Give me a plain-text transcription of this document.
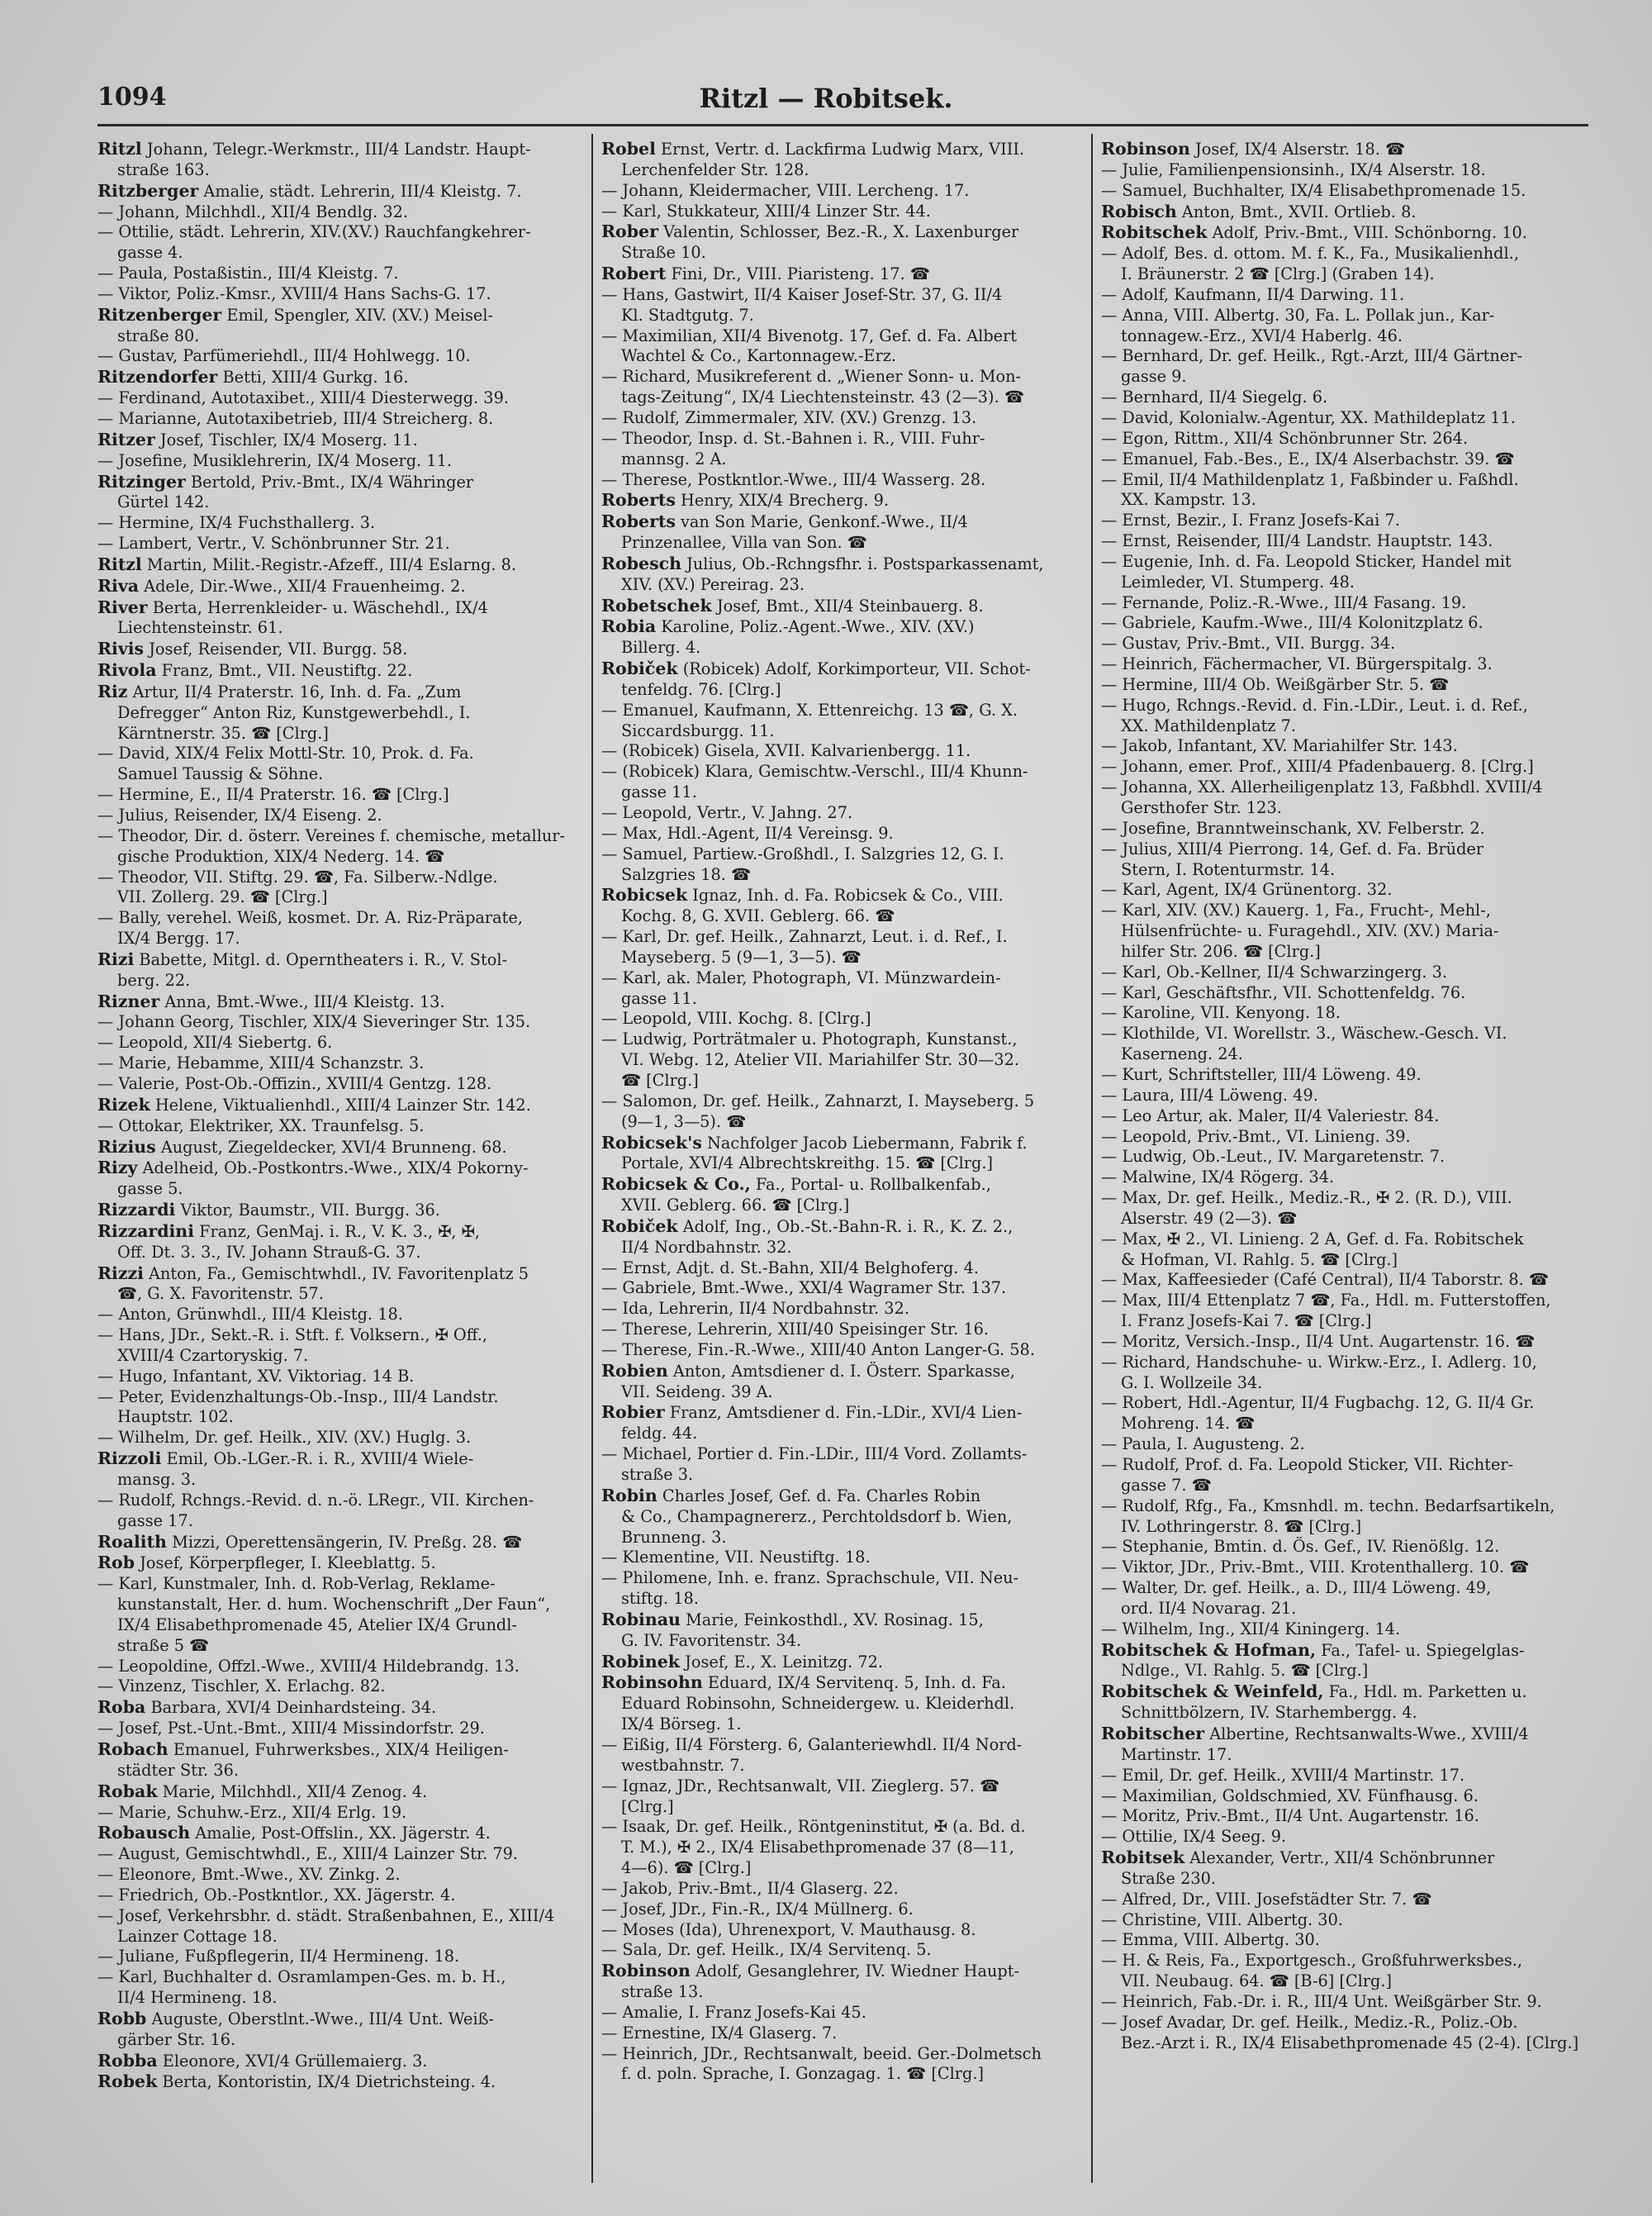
1094	Ritzl — Robitsek.
Ritzl Johann, Telegr.-Werkmstr., III/4 Landstr. Haupt-
straße 163.
Ritzberger Amalie, städt. Lehrerin, III/4 Kleistg. 7.
— Johann, Milchhdl., XII/4 Bendlg. 32.
— Ottilie, städt. Lehrerin, XIV.(XV.) Rauchfangkehrer-
gasse 4.
— Paula, Postaßistin., III/4 Kleistg. 7.
— Viktor, Poliz.-Kmsr., XVIII/4 Hans Sachs-G. 17.
Ritzenberger Emil, Spengler, XIV. (XV.) Meisel-
straße 80.
— Gustav, Parfümeriehdl., III/4 Hohlwegg. 10.
Ritzendorfer Betti, XIII/4 Gurkg. 16.
— Ferdinand, Autotaxibet., XIII/4 Diesterwegg. 39.
— Marianne, Autotaxibetrieb, III/4 Streicherg. 8.
Ritzer Josef, Tischler, IX/4 Moserg. 11.
— Josefine, Musiklehrerin, IX/4 Moserg. 11.
Ritzinger Bertold, Priv.-Bmt., IX/4 Währinger
Gürtel 142.
— Hermine, IX/4 Fuchsthallerg. 3.
— Lambert, Vertr., V. Schönbrunner Str. 21.
Ritzl Martin, Milit.-Registr.-Afzeff., III/4 Eslarng. 8.
Riva Adele, Dir.-Wwe., XII/4 Frauenheimg. 2.
River Berta, Herrenkleider- u. Wäschehdl., IX/4
Liechtensteinstr. 61.
Rivis Josef, Reisender, VII. Burgg. 58.
Rivola Franz, Bmt., VII. Neustiftg. 22.
Riz Artur, II/4 Praterstr. 16, Inh. d. Fa. „Zum
Defregger“ Anton Riz, Kunstgewerbehdl., I.
Kärntnerstr. 35. ☎ [Clrg.]
— David, XIX/4 Felix Mottl-Str. 10, Prok. d. Fa.
Samuel Taussig & Söhne.
— Hermine, E., II/4 Praterstr. 16. ☎ [Clrg.]
— Julius, Reisender, IX/4 Eiseng. 2.
— Theodor, Dir. d. österr. Vereines f. chemische, metallur-
gische Produktion, XIX/4 Nederg. 14. ☎
— Theodor, VII. Stiftg. 29. ☎, Fa. Silberw.-Ndlge.
VII. Zollerg. 29. ☎ [Clrg.]
— Bally, verehel. Weiß, kosmet. Dr. A. Riz-Präparate,
IX/4 Bergg. 17.
Rizi Babette, Mitgl. d. Operntheaters i. R., V. Stol-
berg. 22.
Rizner Anna, Bmt.-Wwe., III/4 Kleistg. 13.
— Johann Georg, Tischler, XIX/4 Sieveringer Str. 135.
— Leopold, XII/4 Siebertg. 6.
— Marie, Hebamme, XIII/4 Schanzstr. 3.
— Valerie, Post-Ob.-Offizin., XVIII/4 Gentzg. 128.
Rizek Helene, Viktualienhdl., XIII/4 Lainzer Str. 142.
— Ottokar, Elektriker, XX. Traunfelsg. 5.
Rizius August, Ziegeldecker, XVI/4 Brunneng. 68.
Rizy Adelheid, Ob.-Postkontrs.-Wwe., XIX/4 Pokorny-
gasse 5.
Rizzardi Viktor, Baumstr., VII. Burgg. 36.
Rizzardini Franz, GenMaj. i. R., V. K. 3., ✠, ✠,
Off. Dt. 3. 3., IV. Johann Strauß-G. 37.
Rizzi Anton, Fa., Gemischtwhdl., IV. Favoritenplatz 5
☎, G. X. Favoritenstr. 57.
— Anton, Grünwhdl., III/4 Kleistg. 18.
— Hans, JDr., Sekt.-R. i. Stft. f. Volksern., ✠ Off.,
XVIII/4 Czartoryskig. 7.
— Hugo, Infantant, XV. Viktoriag. 14 B.
— Peter, Evidenzhaltungs-Ob.-Insp., III/4 Landstr.
Hauptstr. 102.
— Wilhelm, Dr. gef. Heilk., XIV. (XV.) Huglg. 3.
Rizzoli Emil, Ob.-LGer.-R. i. R., XVIII/4 Wiele-
mansg. 3.
— Rudolf, Rchngs.-Revid. d. n.-ö. LRegr., VII. Kirchen-
gasse 17.
Roalith Mizzi, Operettensängerin, IV. Preßg. 28. ☎
Rob Josef, Körperpfleger, I. Kleeblattg. 5.
— Karl, Kunstmaler, Inh. d. Rob-Verlag, Reklame-
kunstanstalt, Her. d. hum. Wochenschrift „Der Faun“,
IX/4 Elisabethpromenade 45, Atelier IX/4 Grundl-
straße 5 ☎
— Leopoldine, Offzl.-Wwe., XVIII/4 Hildebrandg. 13.
— Vinzenz, Tischler, X. Erlachg. 82.
Roba Barbara, XVI/4 Deinhardsteing. 34.
— Josef, Pst.-Unt.-Bmt., XIII/4 Missindorfstr. 29.
Robach Emanuel, Fuhrwerksbes., XIX/4 Heiligen-
städter Str. 36.
Robak Marie, Milchhdl., XII/4 Zenog. 4.
— Marie, Schuhw.-Erz., XII/4 Erlg. 19.
Robausch Amalie, Post-Offslin., XX. Jägerstr. 4.
— August, Gemischtwhdl., E., XIII/4 Lainzer Str. 79.
— Eleonore, Bmt.-Wwe., XV. Zinkg. 2.
— Friedrich, Ob.-Postkntlor., XX. Jägerstr. 4.
— Josef, Verkehrsbhr. d. städt. Straßenbahnen, E., XIII/4
Lainzer Cottage 18.
— Juliane, Fußpflegerin, II/4 Hermineng. 18.
— Karl, Buchhalter d. Osramlampen-Ges. m. b. H.,
II/4 Hermineng. 18.
Robb Auguste, Oberstlnt.-Wwe., III/4 Unt. Weiß-
gärber Str. 16.
Robba Eleonore, XVI/4 Grüllemaierg. 3.
Robek Berta, Kontoristin, IX/4 Dietrichsteing. 4.
Robel Ernst, Vertr. d. Lackfirma Ludwig Marx, VIII.
Lerchenfelder Str. 128.
— Johann, Kleidermacher, VIII. Lercheng. 17.
— Karl, Stukkateur, XIII/4 Linzer Str. 44.
Rober Valentin, Schlosser, Bez.-R., X. Laxenburger
Straße 10.
Robert Fini, Dr., VIII. Piaristeng. 17. ☎
— Hans, Gastwirt, II/4 Kaiser Josef-Str. 37, G. II/4
Kl. Stadtgutg. 7.
— Maximilian, XII/4 Bivenotg. 17, Gef. d. Fa. Albert
Wachtel & Co., Kartonnagew.-Erz.
— Richard, Musikreferent d. „Wiener Sonn- u. Mon-
tags-Zeitung“, IX/4 Liechtensteinstr. 43 (2—3). ☎
— Rudolf, Zimmermaler, XIV. (XV.) Grenzg. 13.
— Theodor, Insp. d. St.-Bahnen i. R., VIII. Fuhr-
mannsg. 2 A.
— Therese, Postkntlor.-Wwe., III/4 Wasserg. 28.
Roberts Henry, XIX/4 Brecherg. 9.
Roberts van Son Marie, Genkonf.-Wwe., II/4
Prinzenallee, Villa van Son. ☎
Robesch Julius, Ob.-Rchngsfhr. i. Postsparkassenamt,
XIV. (XV.) Pereirag. 23.
Robetschek Josef, Bmt., XII/4 Steinbauerg. 8.
Robia Karoline, Poliz.-Agent.-Wwe., XIV. (XV.)
Billerg. 4.
Robiček (Robicek) Adolf, Korkimporteur, VII. Schot-
tenfeldg. 76. [Clrg.]
— Emanuel, Kaufmann, X. Ettenreichg. 13 ☎, G. X.
Siccardsburgg. 11.
— (Robicek) Gisela, XVII. Kalvarienbergg. 11.
— (Robicek) Klara, Gemischtw.-Verschl., III/4 Khunn-
gasse 11.
— Leopold, Vertr., V. Jahng. 27.
— Max, Hdl.-Agent, II/4 Vereinsg. 9.
— Samuel, Partiew.-Großhdl., I. Salzgries 12, G. I.
Salzgries 18. ☎
Robicsek Ignaz, Inh. d. Fa. Robicsek & Co., VIII.
Kochg. 8, G. XVII. Geblerg. 66. ☎
— Karl, Dr. gef. Heilk., Zahnarzt, Leut. i. d. Ref., I.
Mayseberg. 5 (9—1, 3—5). ☎
— Karl, ak. Maler, Photograph, VI. Münzwardein-
gasse 11.
— Leopold, VIII. Kochg. 8. [Clrg.]
— Ludwig, Porträtmaler u. Photograph, Kunstanst.,
VI. Webg. 12, Atelier VII. Mariahilfer Str. 30—32.
☎ [Clrg.]
— Salomon, Dr. gef. Heilk., Zahnarzt, I. Mayseberg. 5
(9—1, 3—5). ☎
Robicsek's Nachfolger Jacob Liebermann, Fabrik f.
Portale, XVI/4 Albrechtskreithg. 15. ☎ [Clrg.]
Robicsek & Co., Fa., Portal- u. Rollbalkenfab.,
XVII. Geblerg. 66. ☎ [Clrg.]
Robiček Adolf, Ing., Ob.-St.-Bahn-R. i. R., K. Z. 2.,
II/4 Nordbahnstr. 32.
— Ernst, Adjt. d. St.-Bahn, XII/4 Belghoferg. 4.
— Gabriele, Bmt.-Wwe., XXI/4 Wagramer Str. 137.
— Ida, Lehrerin, II/4 Nordbahnstr. 32.
— Therese, Lehrerin, XIII/40 Speisinger Str. 16.
— Therese, Fin.-R.-Wwe., XIII/40 Anton Langer-G. 58.
Robien Anton, Amtsdiener d. I. Österr. Sparkasse,
VII. Seideng. 39 A.
Robier Franz, Amtsdiener d. Fin.-LDir., XVI/4 Lien-
feldg. 44.
— Michael, Portier d. Fin.-LDir., III/4 Vord. Zollamts-
straße 3.
Robin Charles Josef, Gef. d. Fa. Charles Robin
& Co., Champagnererz., Perchtoldsdorf b. Wien,
Brunneng. 3.
— Klementine, VII. Neustiftg. 18.
— Philomene, Inh. e. franz. Sprachschule, VII. Neu-
stiftg. 18.
Robinau Marie, Feinkosthdl., XV. Rosinag. 15,
G. IV. Favoritenstr. 34.
Robinek Josef, E., X. Leinitzg. 72.
Robinsohn Eduard, IX/4 Servitenq. 5, Inh. d. Fa.
Eduard Robinsohn, Schneidergew. u. Kleiderhdl.
IX/4 Börseg. 1.
— Eißig, II/4 Försterg. 6, Galanteriewhdl. II/4 Nord-
westbahnstr. 7.
— Ignaz, JDr., Rechtsanwalt, VII. Zieglerg. 57. ☎
[Clrg.]
— Isaak, Dr. gef. Heilk., Röntgeninstitut, ✠ (a. Bd. d.
T. M.), ✠ 2., IX/4 Elisabethpromenade 37 (8—11,
4—6). ☎ [Clrg.]
— Jakob, Priv.-Bmt., II/4 Glaserg. 22.
— Josef, JDr., Fin.-R., IX/4 Müllnerg. 6.
— Moses (Ida), Uhrenexport, V. Mauthausg. 8.
— Sala, Dr. gef. Heilk., IX/4 Servitenq. 5.
Robinson Adolf, Gesanglehrer, IV. Wiedner Haupt-
straße 13.
— Amalie, I. Franz Josefs-Kai 45.
— Ernestine, IX/4 Glaserg. 7.
— Heinrich, JDr., Rechtsanwalt, beeid. Ger.-Dolmetsch
f. d. poln. Sprache, I. Gonzagag. 1. ☎ [Clrg.]
Robinson Josef, IX/4 Alserstr. 18. ☎
— Julie, Familienpensionsinh., IX/4 Alserstr. 18.
— Samuel, Buchhalter, IX/4 Elisabethpromenade 15.
Robisch Anton, Bmt., XVII. Ortlieb. 8.
Robitschek Adolf, Priv.-Bmt., VIII. Schönborng. 10.
— Adolf, Bes. d. ottom. M. f. K., Fa., Musikalienhdl.,
I. Bräunerstr. 2 ☎ [Clrg.] (Graben 14).
— Adolf, Kaufmann, II/4 Darwing. 11.
— Anna, VIII. Albertg. 30, Fa. L. Pollak jun., Kar-
tonnagew.-Erz., XVI/4 Haberlg. 46.
— Bernhard, Dr. gef. Heilk., Rgt.-Arzt, III/4 Gärtner-
gasse 9.
— Bernhard, II/4 Siegelg. 6.
— David, Kolonialw.-Agentur, XX. Mathildeplatz 11.
— Egon, Rittm., XII/4 Schönbrunner Str. 264.
— Emanuel, Fab.-Bes., E., IX/4 Alserbachstr. 39. ☎
— Emil, II/4 Mathildenplatz 1, Faßbinder u. Faßhdl.
XX. Kampstr. 13.
— Ernst, Bezir., I. Franz Josefs-Kai 7.
— Ernst, Reisender, III/4 Landstr. Hauptstr. 143.
— Eugenie, Inh. d. Fa. Leopold Sticker, Handel mit
Leimleder, VI. Stumperg. 48.
— Fernande, Poliz.-R.-Wwe., III/4 Fasang. 19.
— Gabriele, Kaufm.-Wwe., III/4 Kolonitzplatz 6.
— Gustav, Priv.-Bmt., VII. Burgg. 34.
— Heinrich, Fächermacher, VI. Bürgerspitalg. 3.
— Hermine, III/4 Ob. Weißgärber Str. 5. ☎
— Hugo, Rchngs.-Revid. d. Fin.-LDir., Leut. i. d. Ref.,
XX. Mathildenplatz 7.
— Jakob, Infantant, XV. Mariahilfer Str. 143.
— Johann, emer. Prof., XIII/4 Pfadenbauerg. 8. [Clrg.]
— Johanna, XX. Allerheiligenplatz 13, Faßbhdl. XVIII/4
Gersthofer Str. 123.
— Josefine, Branntweinschank, XV. Felberstr. 2.
— Julius, XIII/4 Pierrong. 14, Gef. d. Fa. Brüder
Stern, I. Rotenturmstr. 14.
— Karl, Agent, IX/4 Grünentorg. 32.
— Karl, XIV. (XV.) Kauerg. 1, Fa., Frucht-, Mehl-,
Hülsenfrüchte- u. Furagehdl., XIV. (XV.) Maria-
hilfer Str. 206. ☎ [Clrg.]
— Karl, Ob.-Kellner, II/4 Schwarzingerg. 3.
— Karl, Geschäftsfhr., VII. Schottenfeldg. 76.
— Karoline, VII. Kenyong. 18.
— Klothilde, VI. Worellstr. 3., Wäschew.-Gesch. VI.
Kaserneng. 24.
— Kurt, Schriftsteller, III/4 Löweng. 49.
— Laura, III/4 Löweng. 49.
— Leo Artur, ak. Maler, II/4 Valeriestr. 84.
— Leopold, Priv.-Bmt., VI. Linieng. 39.
— Ludwig, Ob.-Leut., IV. Margaretenstr. 7.
— Malwine, IX/4 Rögerg. 34.
— Max, Dr. gef. Heilk., Mediz.-R., ✠ 2. (R. D.), VIII.
Alserstr. 49 (2—3). ☎
— Max, ✠ 2., VI. Linieng. 2 A, Gef. d. Fa. Robitschek
& Hofman, VI. Rahlg. 5. ☎ [Clrg.]
— Max, Kaffeesieder (Café Central), II/4 Taborstr. 8. ☎
— Max, III/4 Ettenplatz 7 ☎, Fa., Hdl. m. Futterstoffen,
I. Franz Josefs-Kai 7. ☎ [Clrg.]
— Moritz, Versich.-Insp., II/4 Unt. Augartenstr. 16. ☎
— Richard, Handschuhe- u. Wirkw.-Erz., I. Adlerg. 10,
G. I. Wollzeile 34.
— Robert, Hdl.-Agentur, II/4 Fugbachg. 12, G. II/4 Gr.
Mohreng. 14. ☎
— Paula, I. Augusteng. 2.
— Rudolf, Prof. d. Fa. Leopold Sticker, VII. Richter-
gasse 7. ☎
— Rudolf, Rfg., Fa., Kmsnhdl. m. techn. Bedarfsartikeln,
IV. Lothringerstr. 8. ☎ [Clrg.]
— Stephanie, Bmtin. d. Ös. Gef., IV. Rienößlg. 12.
— Viktor, JDr., Priv.-Bmt., VIII. Krotenthallerg. 10. ☎
— Walter, Dr. gef. Heilk., a. D., III/4 Löweng. 49,
ord. II/4 Novarag. 21.
— Wilhelm, Ing., XII/4 Kiningerg. 14.
Robitschek & Hofman, Fa., Tafel- u. Spiegelglas-
Ndlge., VI. Rahlg. 5. ☎ [Clrg.]
Robitschek & Weinfeld, Fa., Hdl. m. Parketten u.
Schnittbölzern, IV. Starhembergg. 4.
Robitscher Albertine, Rechtsanwalts-Wwe., XVIII/4
Martinstr. 17.
— Emil, Dr. gef. Heilk., XVIII/4 Martinstr. 17.
— Maximilian, Goldschmied, XV. Fünfhausg. 6.
— Moritz, Priv.-Bmt., II/4 Unt. Augartenstr. 16.
— Ottilie, IX/4 Seeg. 9.
Robitsek Alexander, Vertr., XII/4 Schönbrunner
Straße 230.
— Alfred, Dr., VIII. Josefstädter Str. 7. ☎
— Christine, VIII. Albertg. 30.
— Emma, VIII. Albertg. 30.
— H. & Reis, Fa., Exportgesch., Großfuhrwerksbes.,
VII. Neubaug. 64. ☎ [B-6] [Clrg.]
— Heinrich, Fab.-Dr. i. R., III/4 Unt. Weißgärber Str. 9.
— Josef Avadar, Dr. gef. Heilk., Mediz.-R., Poliz.-Ob.
Bez.-Arzt i. R., IX/4 Elisabethpromenade 45 (2-4). [Clrg.]
